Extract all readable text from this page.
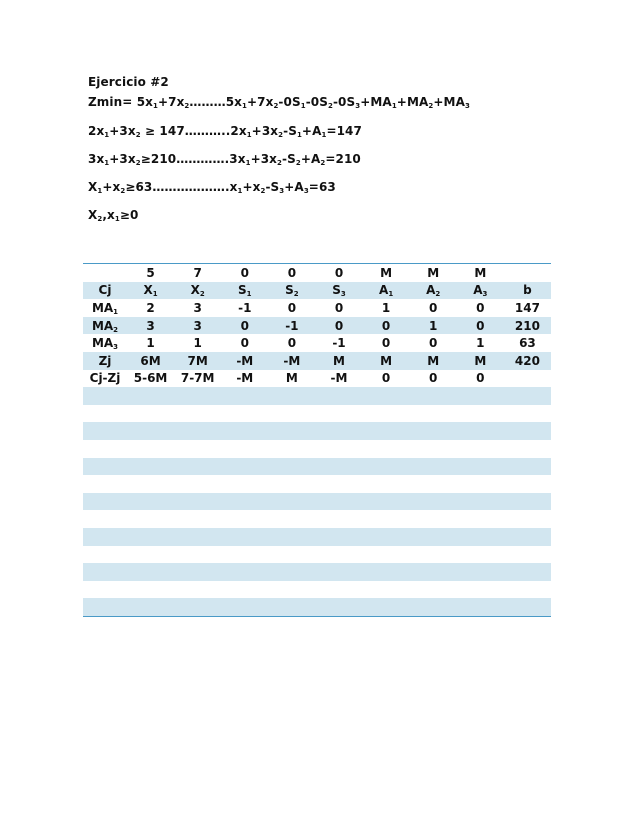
Ejercicio #2
$Zmin= 5x_1+7x_2\dots\dots\dots 5x_1+7x_2-0S_1-0S_2-0S_3+MA_1+MA_2+MA_3$
$2x_1+3x_2$ ≥ $147\dots\dots\dots..2x_1+3x_2-S_1+A_1=147$
$3x_1+3x_2\ge 210\dots\dots\dots\dots.3x_1+3x_2-S_2+A_2=210$
$X_1+x_2\ge 63\dots\dots\dots\dots\dots\dots.x_1+x_2-S_3+A_3=63$
$X_2,x_1\ge 0$
	5	7	0	0	0	M	M	M	
Cj	$X_1$	$X_2$	$S_1$	$S_2$	$S_3$	$A_1$	$A_2$	$A_3$	b
$MA_1$	2	3	-1	0	0	1	0	0	147
$MA_2$	3	3	0	-1	0	0	1	0	210
$MA_3$	1	1	0	0	-1	0	0	1	63
Zj	6M	7M	-M	-M	M	M	M	M	420
Cj-Zj	5-6M	7-7M	-M	M	-M	0	0	0	
